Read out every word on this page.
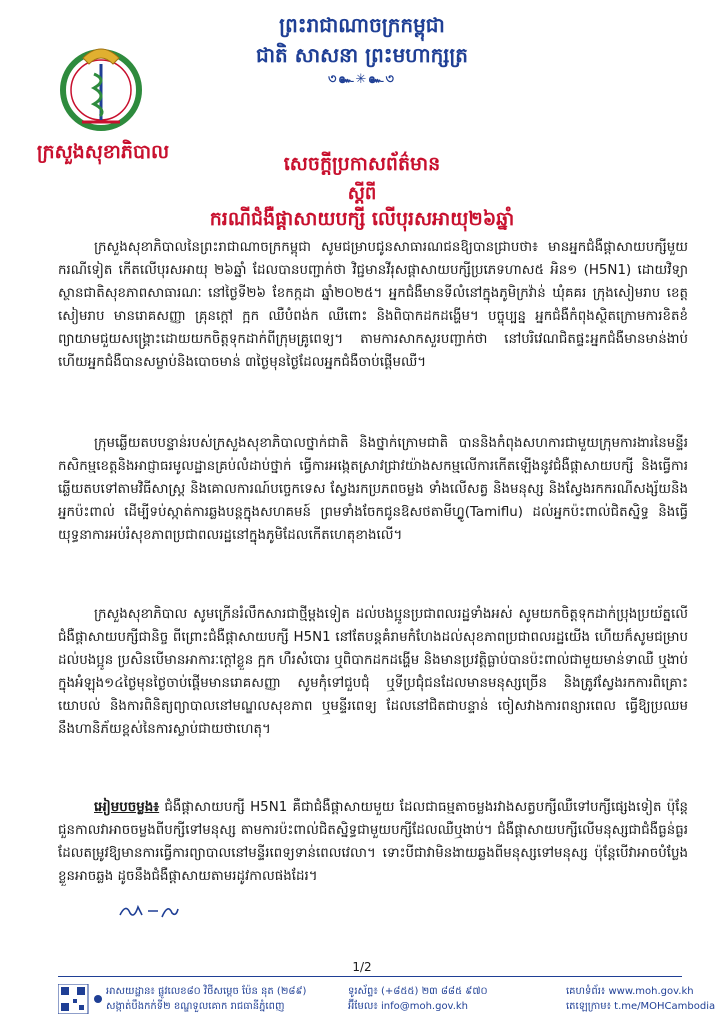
ព្រះរាជាណាចក្រកម្ពុជា
ជាតិ សាសនា ព្រះមហាក្សត្រ
৩๛✳๛৩
ក្រសួងសុខាភិបាល
សេចក្តីប្រកាសព័ត៌មាន
ស្តីពី
ករណីជំងឺផ្តាសាយបក្សី លើបុរសអាយុ២៦ឆ្នាំ
ក្រសួងសុខាភិបាលនៃព្រះរាជាណាចក្រកម្ពុជា សូមជម្រាបជូនសាធារណជនឱ្យបានជ្រាបថា៖ មានអ្នកជំងឺផ្តាសាយបក្សីមួយករណីទៀត កើតលើបុរសអាយុ ២៦ឆ្នាំ ដែលបានបញ្ជាក់ថា វិជ្ជមានវីរុសផ្តាសាយបក្សីប្រភេទហាស៥ អិន១ (H5N1) ដោយវិទ្យាស្ថានជាតិសុខភាពសាធារណៈ នៅថ្ងៃទី២៦ ខែកក្កដា ឆ្នាំ២០២៥។ អ្នកជំងឺមានទីលំនៅក្នុងភូមិក្រវ៉ាន់ ឃុំគគរ ក្រុងសៀមរាប ខេត្តសៀមរាប មានរោគសញ្ញា គ្រុនក្តៅ ក្អក ឈឺបំពង់ក ឈឺពោះ និងពិបាកដកដង្ហើម។ បច្ចុប្បន្ន អ្នកជំងឺកំពុងស្ថិតក្រោមការខិតខំព្យាយាមជួយសង្គ្រោះដោយយកចិត្តទុកដាក់ពីក្រុមគ្រូពេទ្យ។ តាមការសាកសួរបញ្ជាក់ថា នៅបរិវេណជិតផ្ទះអ្នកជំងឺមានមាន់ងាប់ ហើយអ្នកជំងឺបានសម្លាប់និងបោចមាន់ ៣ថ្ងៃមុនថ្ងៃដែលអ្នកជំងឺចាប់ផ្តើមឈឺ។
ក្រុមឆ្លើយតបបន្ទាន់របស់ក្រសួងសុខាភិបាលថ្នាក់ជាតិ និងថ្នាក់ក្រោមជាតិ បាននិងកំពុងសហការជាមួយក្រុមការងារនៃមន្ទីរកសិកម្មខេត្តនិងអាជ្ញាធរមូលដ្ឋានគ្រប់លំដាប់ថ្នាក់ ធ្វើការអង្កេតស្រាវជ្រាវយ៉ាងសកម្មលើការកើតឡើងនូវជំងឺផ្តាសាយបក្សី និងធ្វើការឆ្លើយតបទៅតាមវិធីសាស្ត្រ និងគោលការណ៍បច្ចេកទេស ស្វែងរកប្រភពចម្លង ទាំងលើសត្វ និងមនុស្ស និងស្វែងរកករណីសង្ស័យនិងអ្នកប៉ះពាល់ ដើម្បីទប់ស្កាត់ការឆ្លងបន្តក្នុងសហគមន៍ ព្រមទាំងចែកជូនឱសថតាមីហ្វ្លូ(Tamiflu) ដល់អ្នកប៉ះពាល់ជិតស្និទ្ធ និងធ្វើយុទ្ធនាការអប់រំសុខភាពប្រជាពលរដ្ឋនៅក្នុងភូមិដែលកើតហេតុខាងលើ។
ក្រសួងសុខាភិបាល សូមក្រើនរំលឹកសារជាថ្មីម្តងទៀត ដល់បងប្អូនប្រជាពលរដ្ឋទាំងអស់ សូមយកចិត្តទុកដាក់ប្រុងប្រយ័ត្នលើជំងឺផ្តាសាយបក្សីជានិច្ច ពីព្រោះជំងឺផ្តាសាយបក្សី H5N1 នៅតែបន្តគំរាមកំហែងដល់សុខភាពប្រជាពលរដ្ឋយើង ហើយក៏សូមជម្រាបដល់បងប្អូន ប្រសិនបើមានអាការៈក្តៅខ្លួន ក្អក ហឺរសំបោរ ឬពិបាកដកដង្ហើម និងមានប្រវត្តិធ្លាប់បានប៉ះពាល់ជាមួយមាន់ទាឈឺ ឬងាប់ក្នុងអំឡុង១៤ថ្ងៃមុនថ្ងៃចាប់ផ្តើមមានរោគសញ្ញា សូមកុំទៅជួបជុំ ឬទីប្រជុំជនដែលមានមនុស្សច្រើន និងត្រូវស្វែងរកការពិគ្រោះយោបល់ និងការពិនិត្យព្យាបាលនៅមណ្ឌលសុខភាព ឬមន្ទីរពេទ្យ ដែលនៅជិតជាបន្ទាន់ ចៀសវាងការពន្យារពេល ធ្វើឱ្យប្រឈមនឹងហានិភ័យខ្ពស់នៃការស្លាប់ជាយថាហេតុ។
អៀមបចម្លង៖ ជំងឺផ្តាសាយបក្សី H5N1 គឺជាជំងឺផ្តាសាយមួយ ដែលជាធម្មតាចម្លងរវាងសត្វបក្សីឈឺទៅបក្សីផ្សេងទៀត ប៉ុន្តែជួនកាលវាអាចចម្លងពីបក្សីទៅមនុស្ស តាមការប៉ះពាល់ជិតស្និទ្ធជាមួយបក្សីដែលឈឺឬងាប់។ ជំងឺផ្តាសាយបក្សីលើមនុស្សជាជំងឺធ្ងន់ធ្ងរ ដែលតម្រូវឱ្យមានការធ្វើការព្យាបាលនៅមន្ទីរពេទ្យទាន់ពេលវេលា។ ទោះបីជាវាមិនងាយឆ្លងពីមនុស្សទៅមនុស្ស ប៉ុន្តែបើវាអាចបំប្លែងខ្លួនអាចឆ្លង ដូចនឹងជំងឺផ្តាសាយតាមរដូវកាលផងដែរ។
1/2
អាសយដ្ឋាន៖ ផ្លូវលេខ៨០ វិថីសម្តេច ប៉ែន នុត (២៨៩)
សង្កាត់បឹងកក់ទី២ ខណ្ឌទួលគោក រាជធានីភ្នំពេញ
ទូរស័ព្ទ៖ (+៨៥៥) ២៣ ៨៨៥ ៩៧០
អ៊ីមែល៖ info@moh.gov.kh
គេហទំព័រ៖ www.moh.gov.kh
តេឡេក្រាម៖ t.me/MOHCambodia
